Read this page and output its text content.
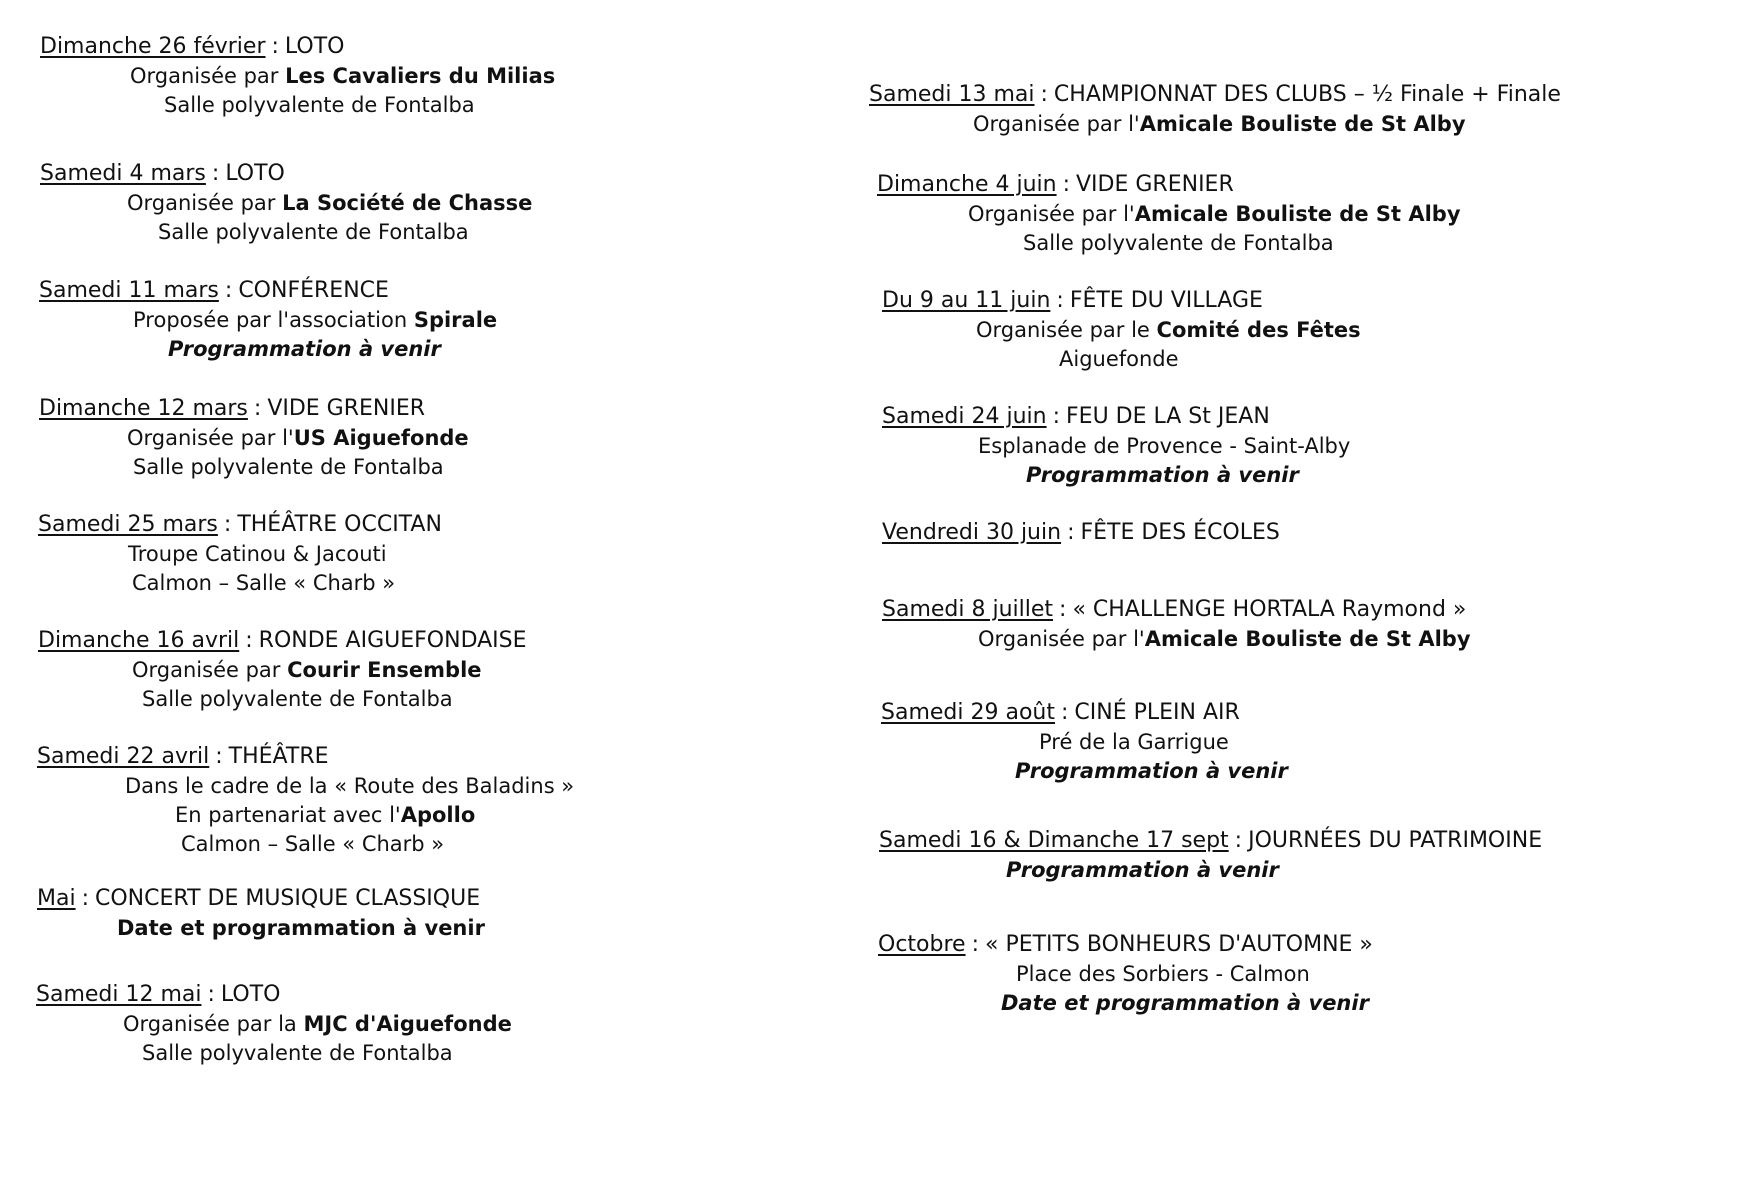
Dimanche 26 février : LOTO
Organisée par Les Cavaliers du Milias
Salle polyvalente de Fontalba
Samedi 4 mars : LOTO
Organisée par La Société de Chasse
Salle polyvalente de Fontalba
Samedi 11 mars : CONFÉRENCE
Proposée par l'association Spirale
Programmation à venir
Dimanche 12 mars : VIDE GRENIER
Organisée par l'US Aiguefonde
Salle polyvalente de Fontalba
Samedi 25 mars : THÉÂTRE OCCITAN
Troupe Catinou & Jacouti
Calmon – Salle « Charb »
Dimanche 16 avril : RONDE AIGUEFONDAISE
Organisée par Courir Ensemble
Salle polyvalente de Fontalba
Samedi 22 avril : THÉÂTRE
Dans le cadre de la « Route des Baladins »
En partenariat avec l'Apollo
Calmon – Salle « Charb »
Mai : CONCERT DE MUSIQUE CLASSIQUE
Date et programmation à venir
Samedi 12 mai : LOTO
Organisée par la MJC d'Aiguefonde
Salle polyvalente de Fontalba
Samedi 13 mai : CHAMPIONNAT DES CLUBS – ½ Finale + Finale
Organisée par l'Amicale Bouliste de St Alby
Dimanche 4 juin : VIDE GRENIER
Organisée par l'Amicale Bouliste de St Alby
Salle polyvalente de Fontalba
Du 9 au 11 juin : FÊTE DU VILLAGE
Organisée par le Comité des Fêtes
Aiguefonde
Samedi 24 juin : FEU DE LA St JEAN
Esplanade de Provence - Saint-Alby
Programmation à venir
Vendredi 30 juin : FÊTE DES ÉCOLES
Samedi 8 juillet : « CHALLENGE HORTALA Raymond »
Organisée par l'Amicale Bouliste de St Alby
Samedi 29 août : CINÉ PLEIN AIR
Pré de la Garrigue
Programmation à venir
Samedi 16 & Dimanche 17 sept : JOURNÉES DU PATRIMOINE
Programmation à venir
Octobre : « PETITS BONHEURS D'AUTOMNE »
Place des Sorbiers - Calmon
Date et programmation à venir
